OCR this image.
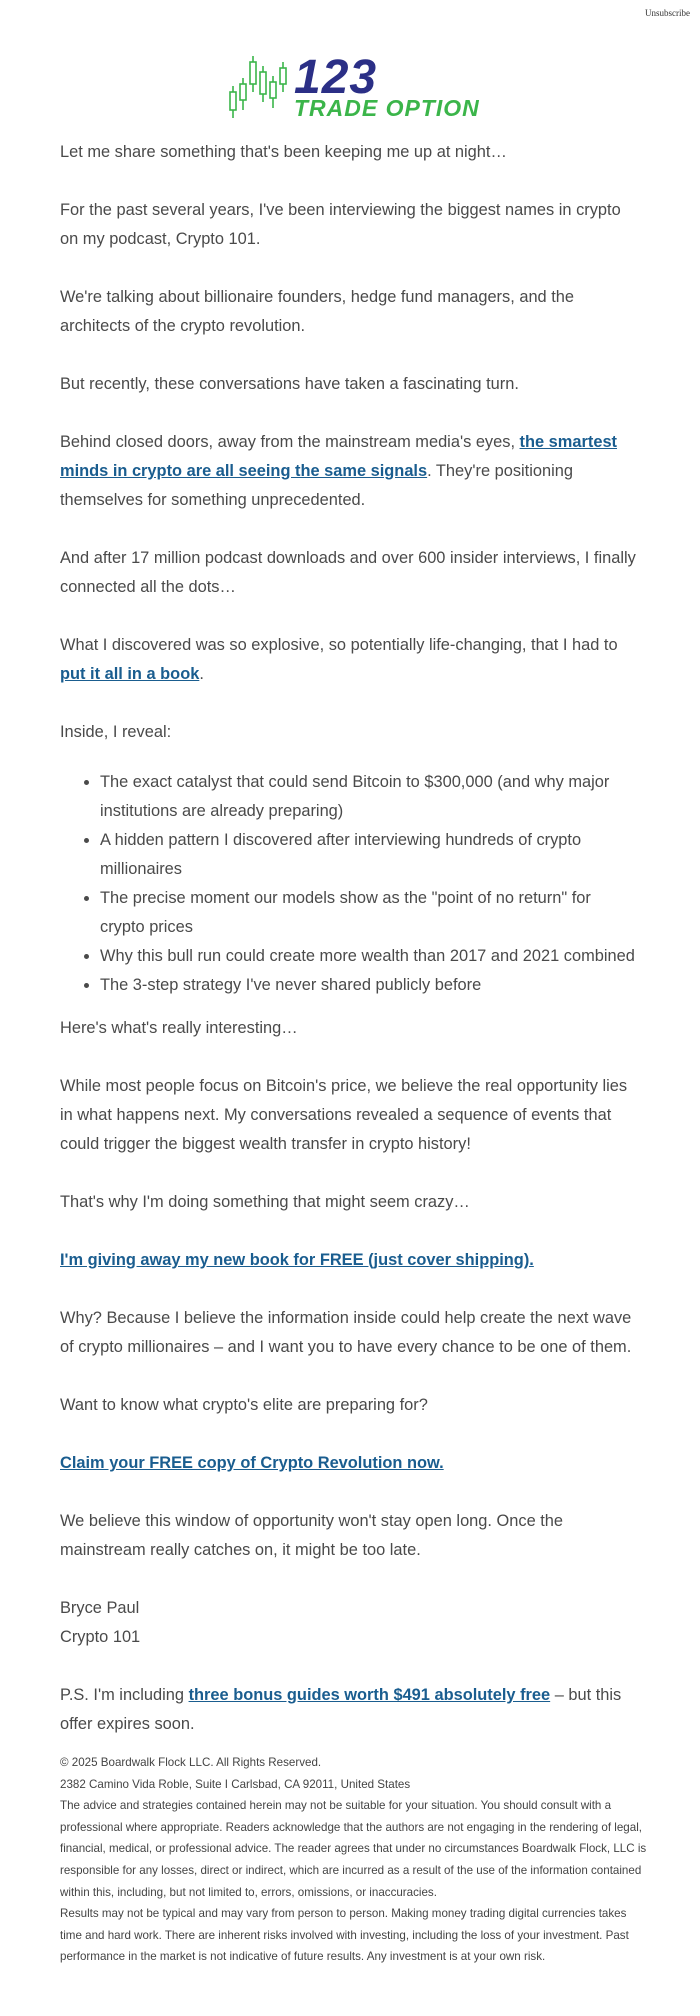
Unsubscribe
123
TRADE OPTION

Let me share something that's been keeping me up at night…

For the past several years, I've been interviewing the biggest names in crypto on my podcast, Crypto 101.

We're talking about billionaire founders, hedge fund managers, and the architects of the crypto revolution.

But recently, these conversations have taken a fascinating turn.

Behind closed doors, away from the mainstream media's eyes, the smartest minds in crypto are all seeing the same signals. They're positioning themselves for something unprecedented.

And after 17 million podcast downloads and over 600 insider interviews, I finally connected all the dots…

What I discovered was so explosive, so potentially life-changing, that I had to put it all in a book.

Inside, I reveal:

• The exact catalyst that could send Bitcoin to $300,000 (and why major institutions are already preparing)
• A hidden pattern I discovered after interviewing hundreds of crypto millionaires
• The precise moment our models show as the "point of no return" for crypto prices
• Why this bull run could create more wealth than 2017 and 2021 combined
• The 3-step strategy I've never shared publicly before

Here's what's really interesting…

While most people focus on Bitcoin's price, we believe the real opportunity lies in what happens next. My conversations revealed a sequence of events that could trigger the biggest wealth transfer in crypto history!

That's why I'm doing something that might seem crazy…

I'm giving away my new book for FREE (just cover shipping).

Why? Because I believe the information inside could help create the next wave of crypto millionaires – and I want you to have every chance to be one of them.

Want to know what crypto's elite are preparing for?

Claim your FREE copy of Crypto Revolution now.

We believe this window of opportunity won't stay open long. Once the mainstream really catches on, it might be too late.

Bryce Paul
Crypto 101

P.S. I'm including three bonus guides worth $491 absolutely free – but this offer expires soon.

© 2025 Boardwalk Flock LLC. All Rights Reserved.
2382 Camino Vida Roble, Suite I Carlsbad, CA 92011, United States
The advice and strategies contained herein may not be suitable for your situation. You should consult with a professional where appropriate. Readers acknowledge that the authors are not engaging in the rendering of legal, financial, medical, or professional advice. The reader agrees that under no circumstances Boardwalk Flock, LLC is responsible for any losses, direct or indirect, which are incurred as a result of the use of the information contained within this, including, but not limited to, errors, omissions, or inaccuracies.
Results may not be typical and may vary from person to person. Making money trading digital currencies takes time and hard work. There are inherent risks involved with investing, including the loss of your investment. Past performance in the market is not indicative of future results. Any investment is at your own risk.
